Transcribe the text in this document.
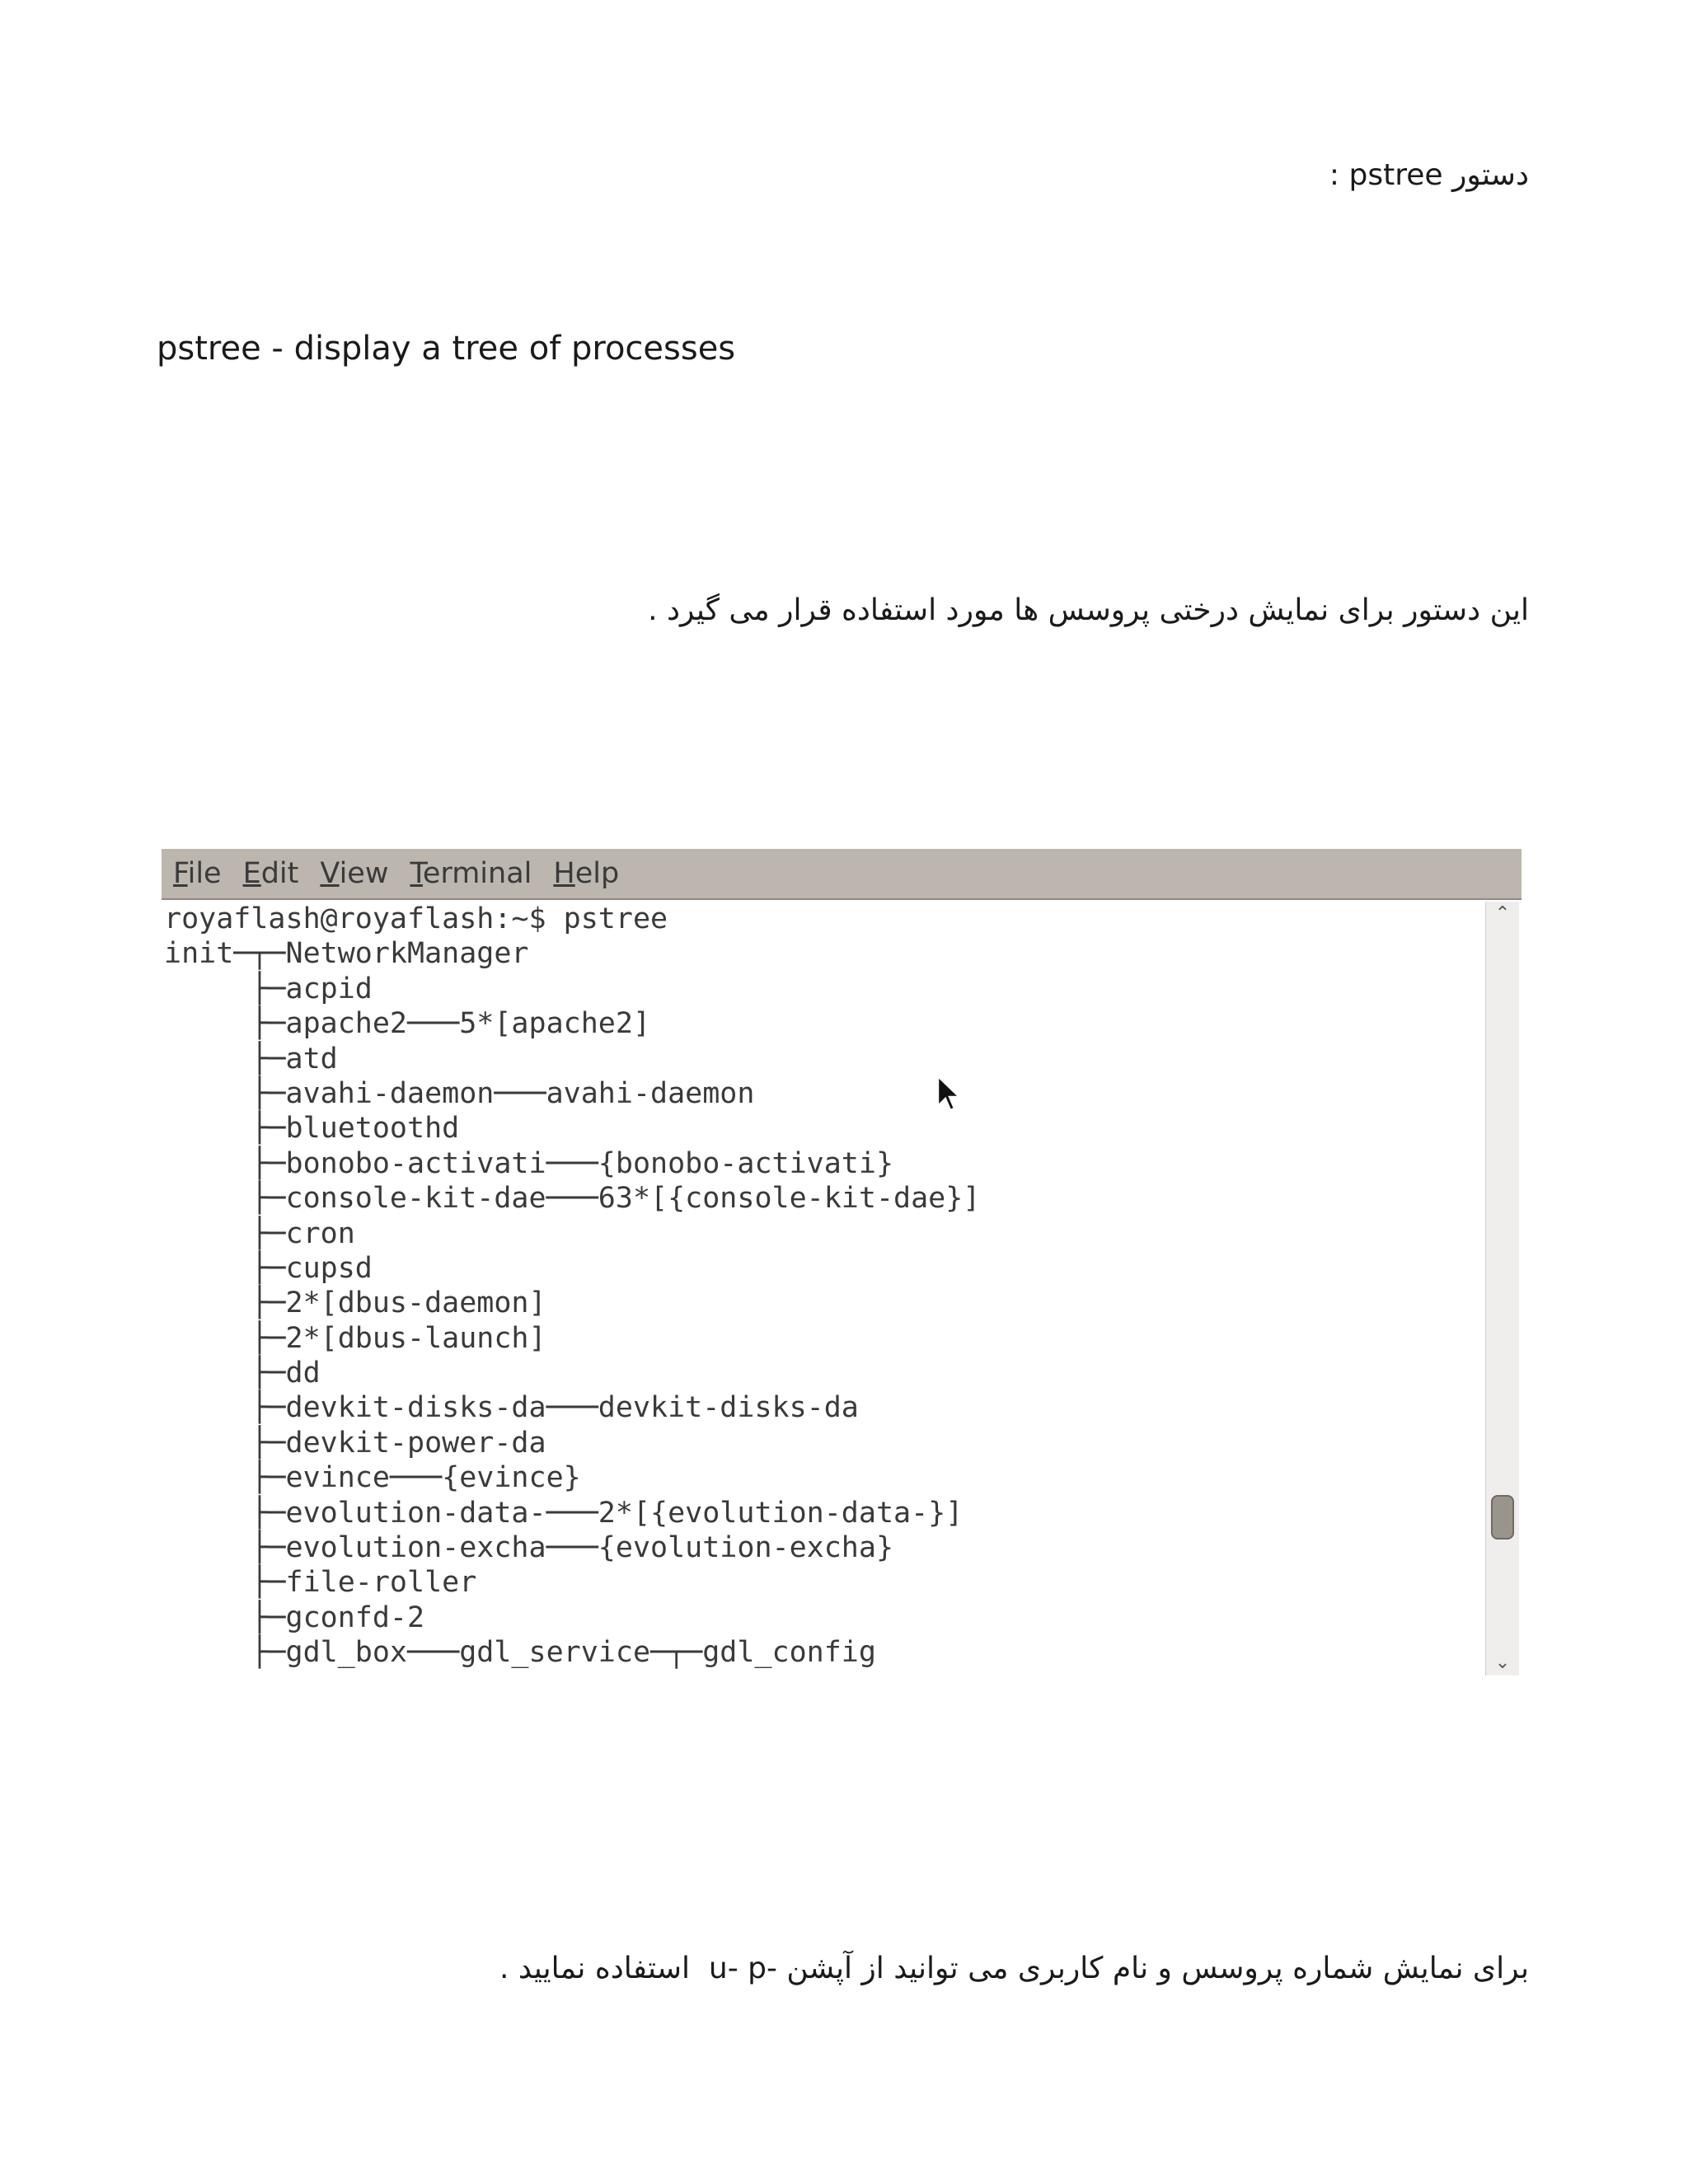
دستور pstree :
pstree - display a tree of processes
این دستور برای نمایش درختی پروسس ها مورد استفاده قرار می گیرد .
File Edit View Terminal Help
royaflash@royaflash:~$ pstree
init─┬─NetworkManager
├─acpid
├─apache2───5*[apache2]
├─atd
├─avahi-daemon───avahi-daemon
├─bluetoothd
├─bonobo-activati───{bonobo-activati}
├─console-kit-dae───63*[{console-kit-dae}]
├─cron
├─cupsd
├─2*[dbus-daemon]
├─2*[dbus-launch]
├─dd
├─devkit-disks-da───devkit-disks-da
├─devkit-power-da
├─evince───{evince}
├─evolution-data-───2*[{evolution-data-}]
├─evolution-excha───{evolution-excha}
├─file-roller
├─gconfd-2
├─gdl_box───gdl_service─┬─gdl_config
⌃
⌄
برای نمایش شماره پروسس و نام کاربری می توانید از آپشن -u- p  استفاده نمایید .
